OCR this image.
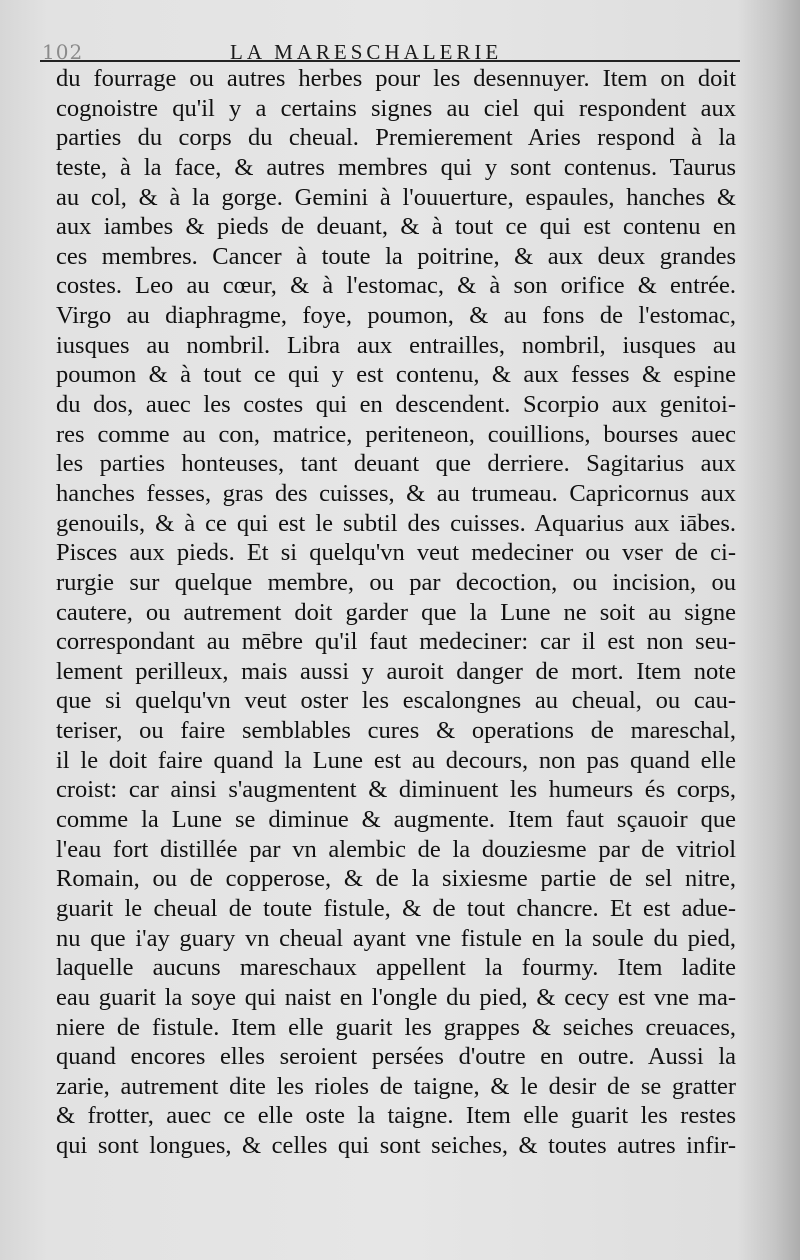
102	LA MARESCHALERIE
du fourrage ou autres herbes pour les desennuyer. Item on doit
cognoistre qu'il y a certains signes au ciel qui respondent aux
parties du corps du cheual. Premierement Aries respond à la
teste, à la face, & autres membres qui y sont contenus. Taurus
au col, & à la gorge. Gemini à l'ouuerture, espaules, hanches &
aux iambes & pieds de deuant, & à tout ce qui est contenu en
ces membres. Cancer à toute la poitrine, & aux deux grandes
costes. Leo au cœur, & à l'estomac, & à son orifice & entrée.
Virgo au diaphragme, foye, poumon, & au fons de l'estomac,
iusques au nombril. Libra aux entrailles, nombril, iusques au
poumon & à tout ce qui y est contenu, & aux fesses & espine
du dos, auec les costes qui en descendent. Scorpio aux genitoi-
res comme au con, matrice, periteneon, couillions, bourses auec
les parties honteuses, tant deuant que derriere. Sagitarius aux
hanches fesses, gras des cuisses, & au trumeau. Capricornus aux
genouils, & à ce qui est le subtil des cuisses. Aquarius aux iābes.
Pisces aux pieds. Et si quelqu'vn veut medeciner ou vser de ci-
rurgie sur quelque membre, ou par decoction, ou incision, ou
cautere, ou autrement doit garder que la Lune ne soit au signe
correspondant au mēbre qu'il faut medeciner: car il est non seu-
lement perilleux, mais aussi y auroit danger de mort. Item note
que si quelqu'vn veut oster les escalongnes au cheual, ou cau-
teriser, ou faire semblables cures & operations de mareschal,
il le doit faire quand la Lune est au decours, non pas quand elle
croist: car ainsi s'augmentent & diminuent les humeurs és corps,
comme la Lune se diminue & augmente. Item faut sçauoir que
l'eau fort distillée par vn alembic de la douziesme par de vitriol
Romain, ou de copperose, & de la sixiesme partie de sel nitre,
guarit le cheual de toute fistule, & de tout chancre. Et est adue-
nu que i'ay guary vn cheual ayant vne fistule en la soule du pied,
laquelle aucuns mareschaux appellent la fourmy. Item ladite
eau guarit la soye qui naist en l'ongle du pied, & cecy est vne ma-
niere de fistule. Item elle guarit les grappes & seiches creuaces,
quand encores elles seroient persées d'outre en outre. Aussi la
zarie, autrement dite les rioles de taigne, & le desir de se gratter
& frotter, auec ce elle oste la taigne. Item elle guarit les restes
qui sont longues, & celles qui sont seiches, & toutes autres infir-
